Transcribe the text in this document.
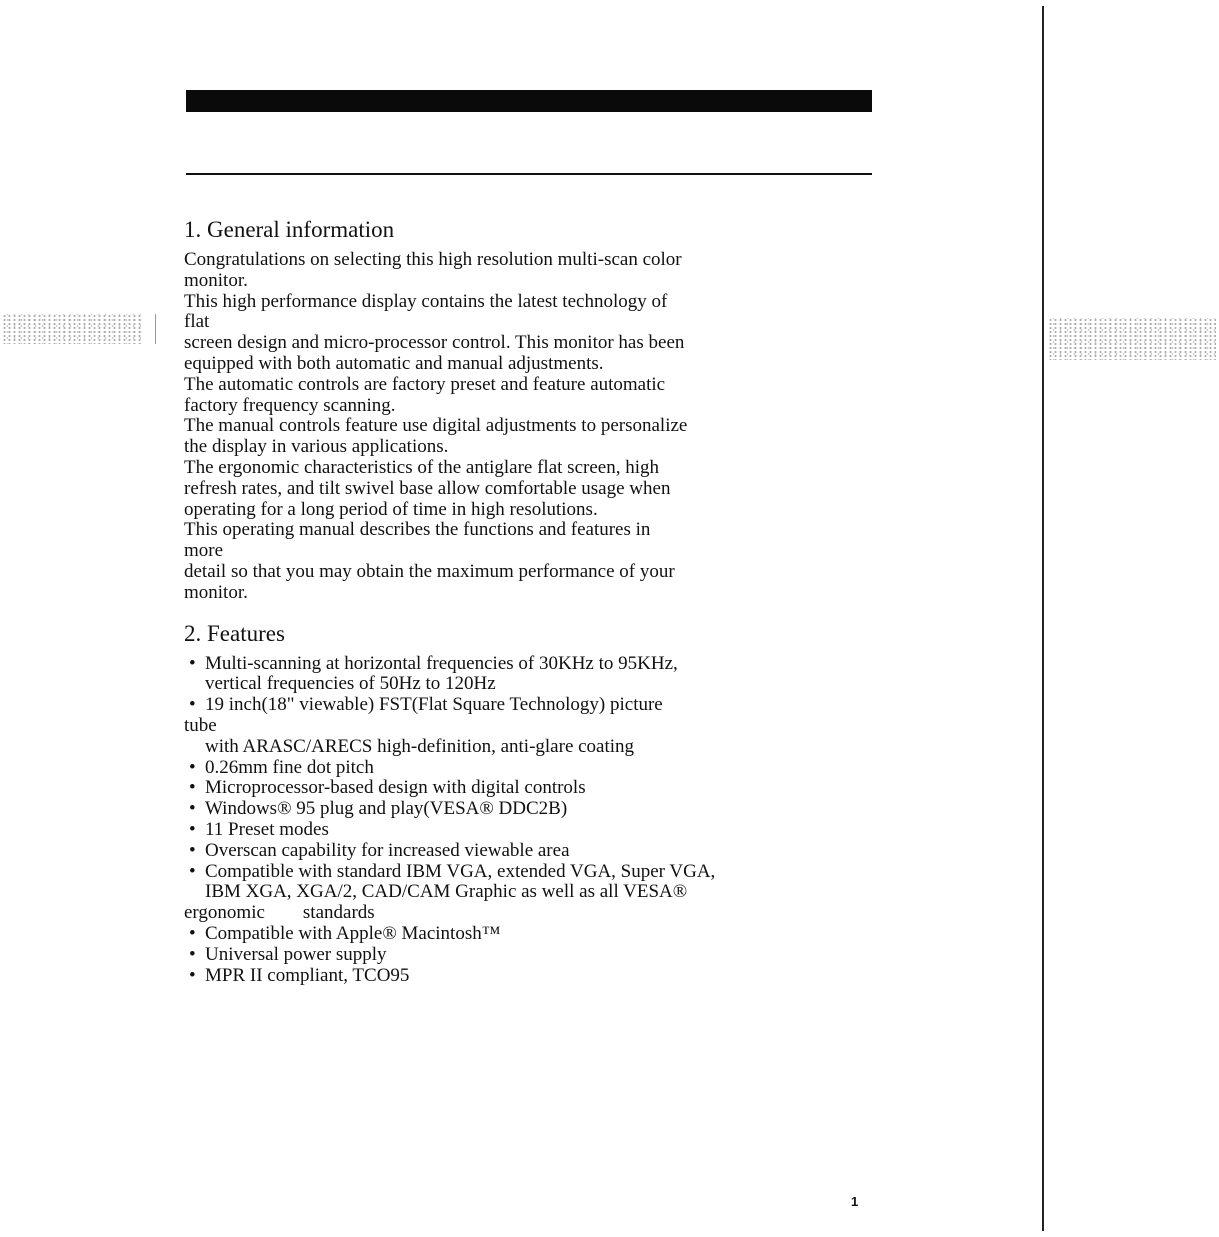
1. General information
Congratulations on selecting this high resolution multi-scan color
monitor.
This high performance display contains the latest technology of
flat
screen design and micro-processor control. This monitor has been
equipped with both automatic and manual adjustments.
The automatic controls are factory preset and feature automatic
factory frequency scanning.
The manual controls feature use digital adjustments to personalize
the display in various applications.
The ergonomic characteristics of the antiglare flat screen, high
refresh rates, and tilt swivel base allow comfortable usage when
operating for a long period of time in high resolutions.
This operating manual describes the functions and features in
more
detail so that you may obtain the maximum performance of your
monitor.
2. Features
• Multi-scanning at horizontal frequencies of 30KHz to 95KHz,
vertical frequencies of 50Hz to 120Hz
• 19 inch(18" viewable) FST(Flat Square Technology) picture
tube
with ARASC/ARECS high-definition, anti-glare coating
• 0.26mm fine dot pitch
• Microprocessor-based design with digital controls
• Windows® 95 plug and play(VESA® DDC2B)
• 11 Preset modes
• Overscan capability for increased viewable area
• Compatible with standard IBM VGA, extended VGA, Super VGA,
IBM XGA, XGA/2, CAD/CAM Graphic as well as all VESA®
ergonomic        standards
• Compatible with Apple® Macintosh™
• Universal power supply
• MPR II compliant, TCO95
1
